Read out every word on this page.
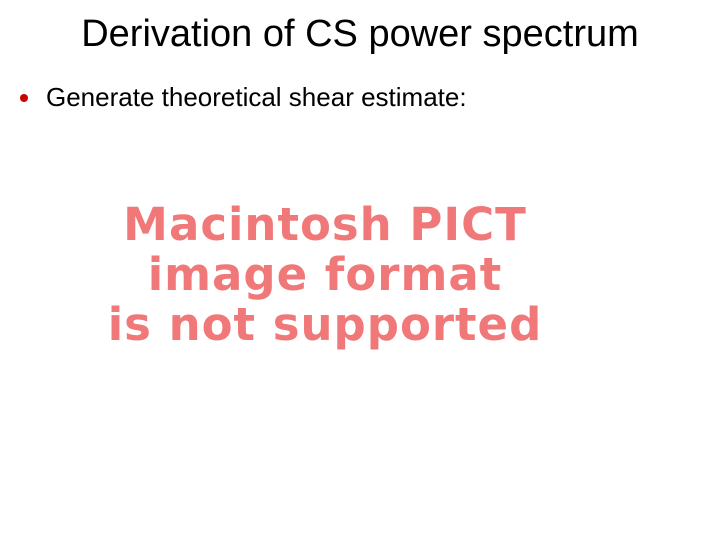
Derivation of CS power spectrum
Generate theoretical shear estimate:
Macintosh PICT
image format
is not supported
